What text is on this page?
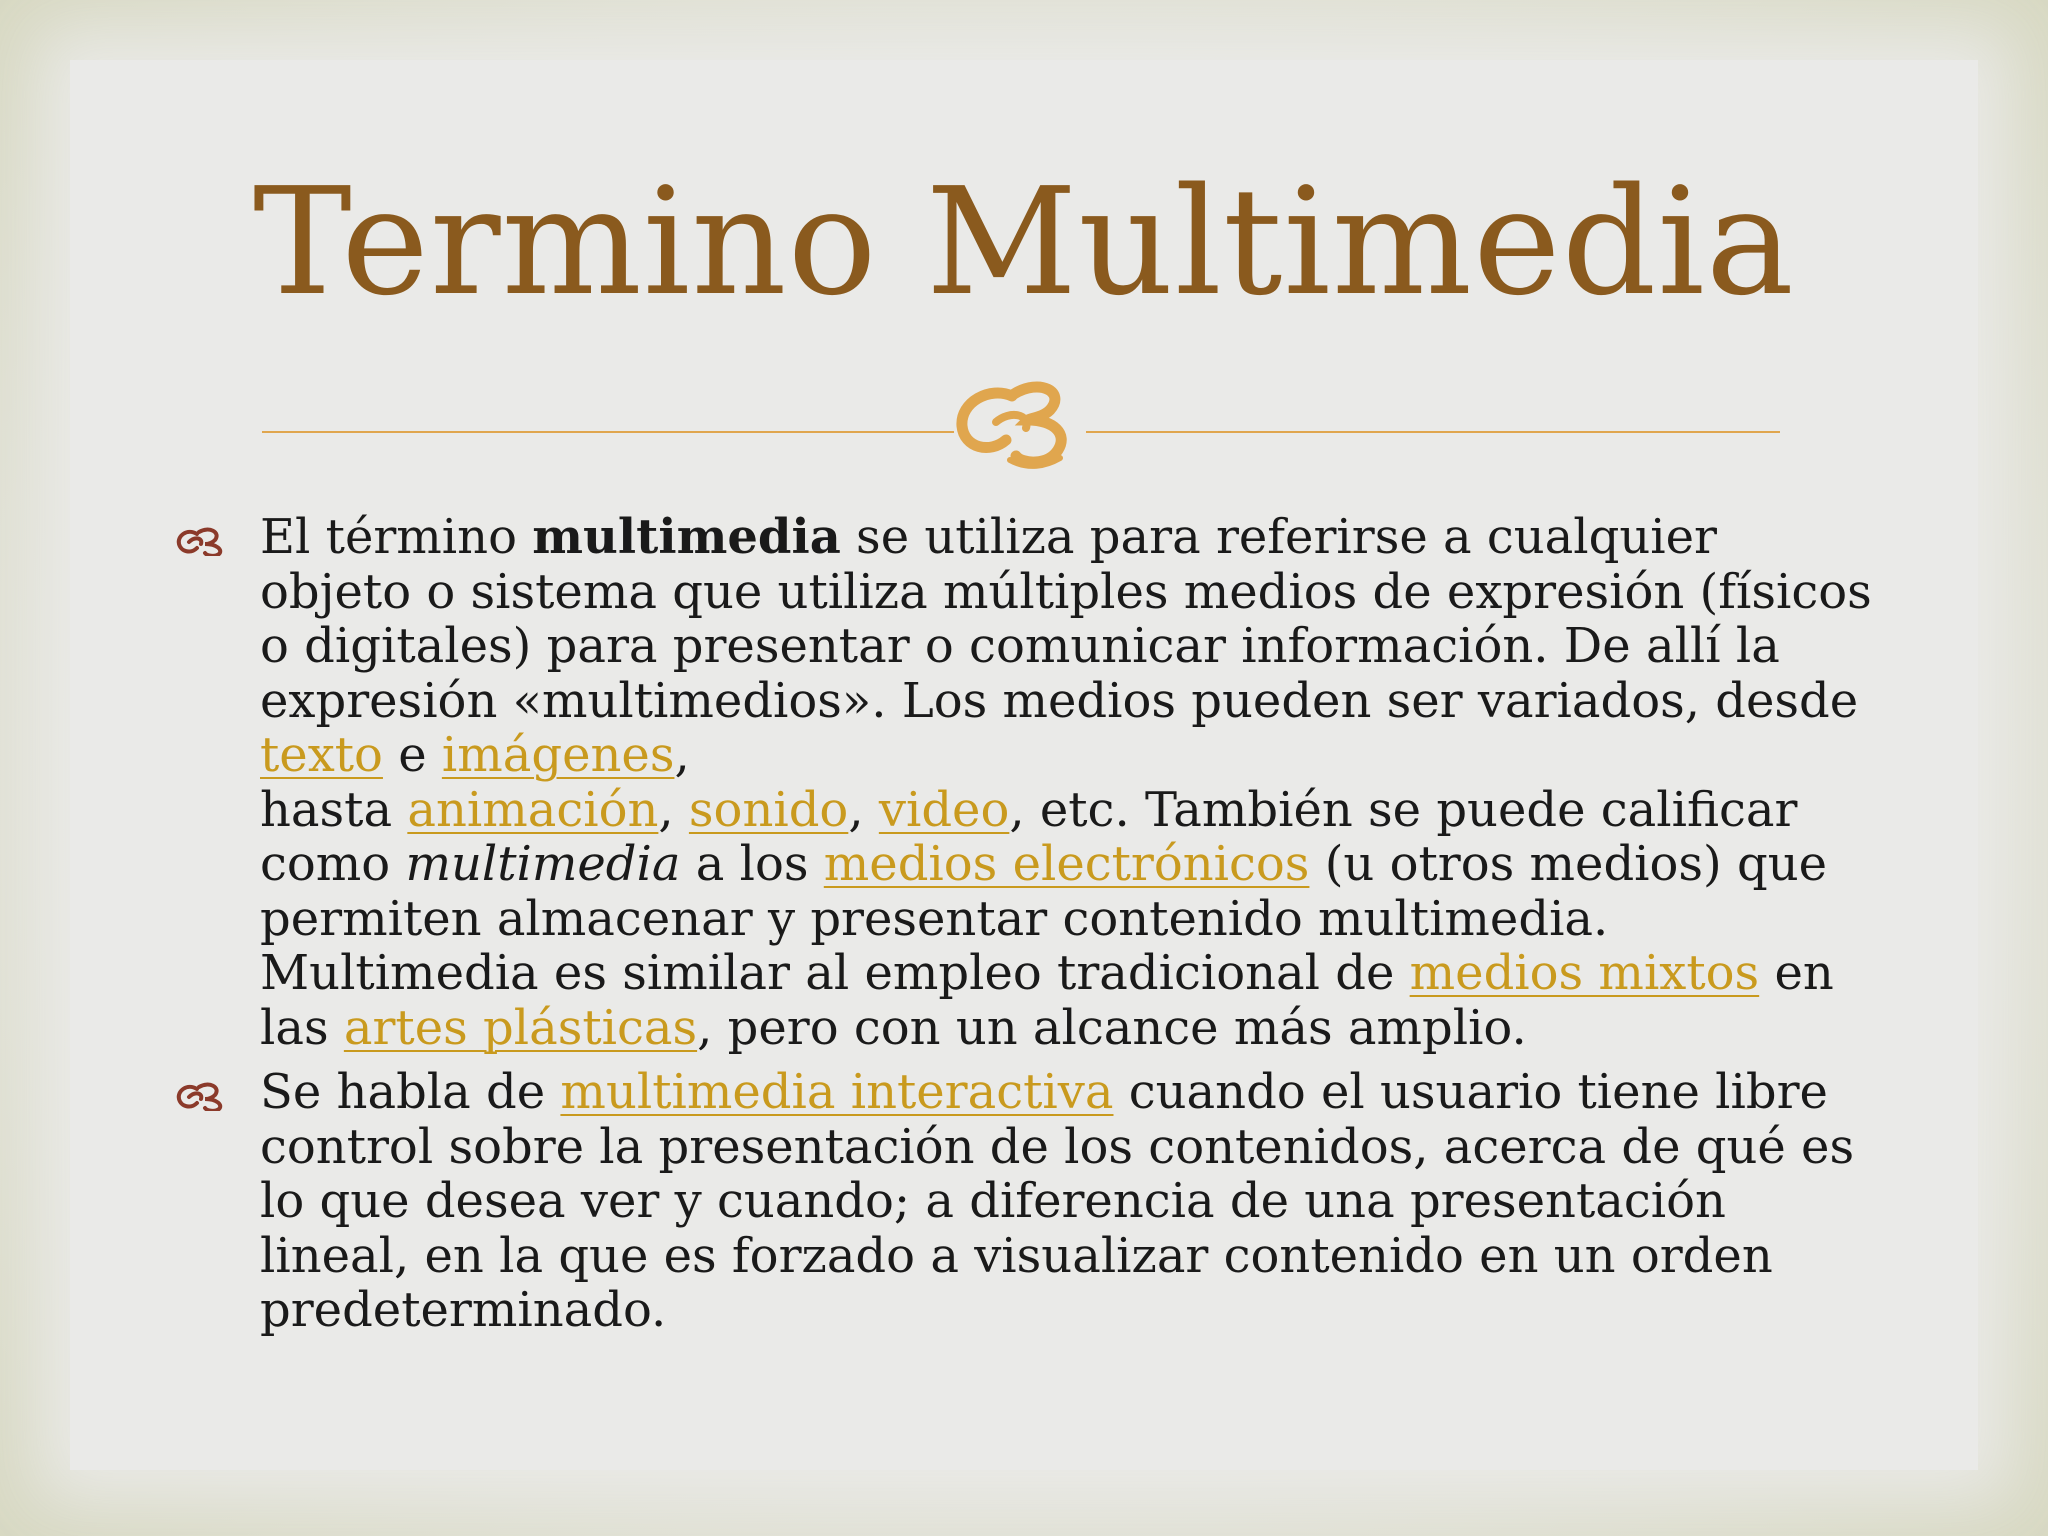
Termino Multimedia
El término multimedia se utiliza para referirse a cualquier objeto o sistema que utiliza múltiples medios de expresión (físicos o digitales) para presentar o comunicar información. De allí la expresión «multimedios». Los medios pueden ser variados, desde texto e imágenes,
hasta animación, sonido, video, etc. También se puede calificar como multimedia a los medios electrónicos (u otros medios) que permiten almacenar y presentar contenido multimedia. Multimedia es similar al empleo tradicional de medios mixtos en las artes plásticas, pero con un alcance más amplio.
Se habla de multimedia interactiva cuando el usuario tiene libre control sobre la presentación de los contenidos, acerca de qué es lo que desea ver y cuando; a diferencia de una presentación lineal, en la que es forzado a visualizar contenido en un orden predeterminado.
